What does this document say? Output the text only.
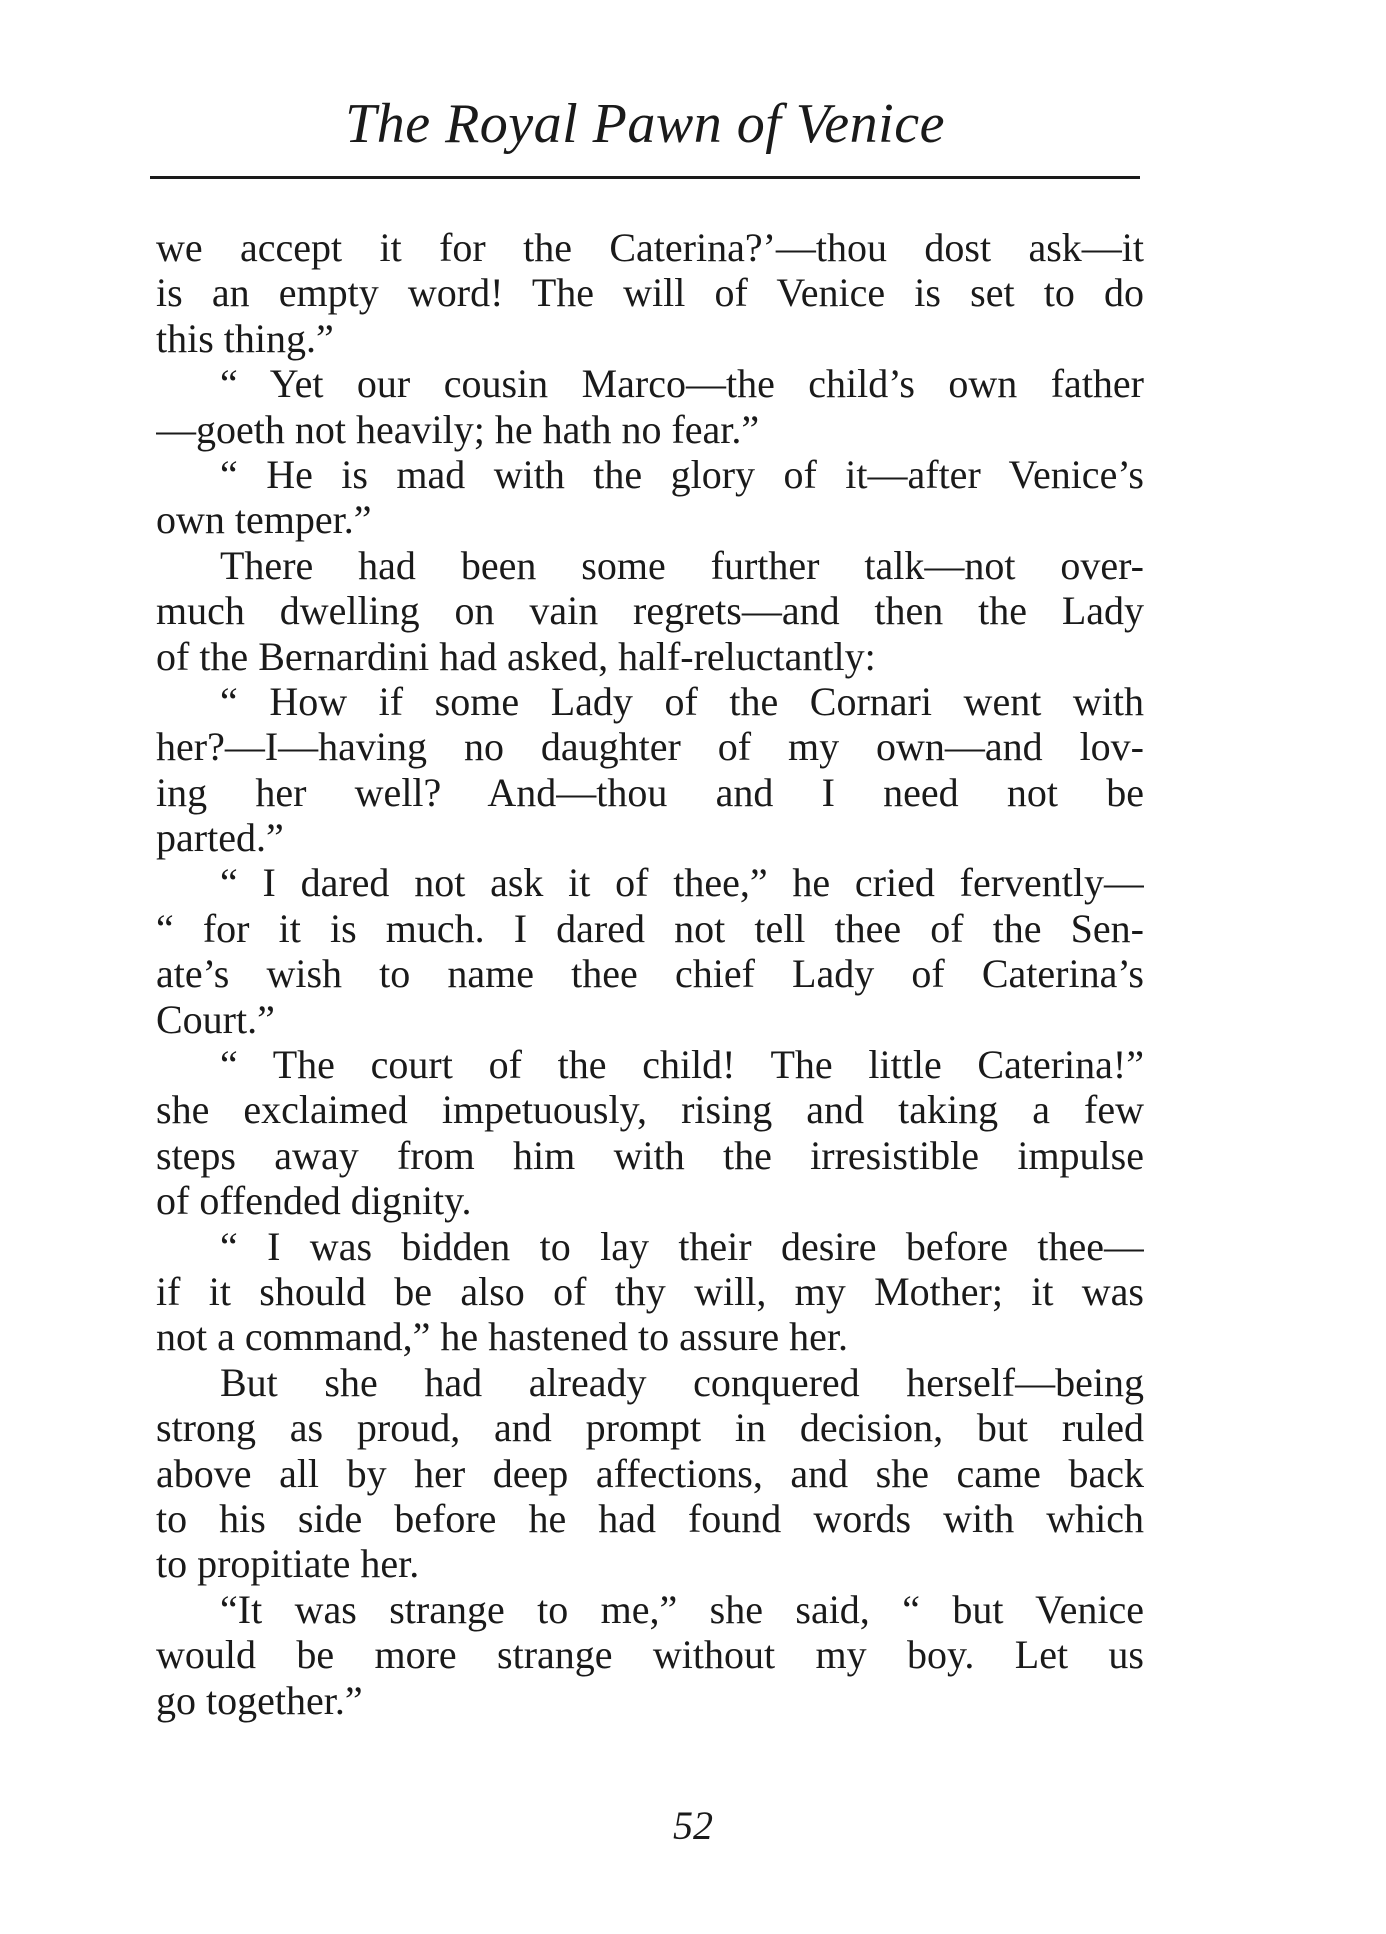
The Royal Pawn of Venice
we accept it for the Caterina?’—thou dost ask—it
is an empty word! The will of Venice is set to do
this thing.”
“ Yet our cousin Marco—the child’s own father
—goeth not heavily; he hath no fear.”
“ He is mad with the glory of it—after Venice’s
own temper.”
There had been some further talk—not over-
much dwelling on vain regrets—and then the Lady
of the Bernardini had asked, half-reluctantly:
“ How if some Lady of the Cornari went with
her?—I—having no daughter of my own—and lov-
ing her well? And—thou and I need not be
parted.”
“ I dared not ask it of thee,” he cried fervently—
“ for it is much. I dared not tell thee of the Sen-
ate’s wish to name thee chief Lady of Caterina’s
Court.”
“ The court of the child! The little Caterina!”
she exclaimed impetuously, rising and taking a few
steps away from him with the irresistible impulse
of offended dignity.
“ I was bidden to lay their desire before thee—
if it should be also of thy will, my Mother; it was
not a command,” he hastened to assure her.
But she had already conquered herself—being
strong as proud, and prompt in decision, but ruled
above all by her deep affections, and she came back
to his side before he had found words with which
to propitiate her.
“It was strange to me,” she said, “ but Venice
would be more strange without my boy. Let us
go together.”
52
